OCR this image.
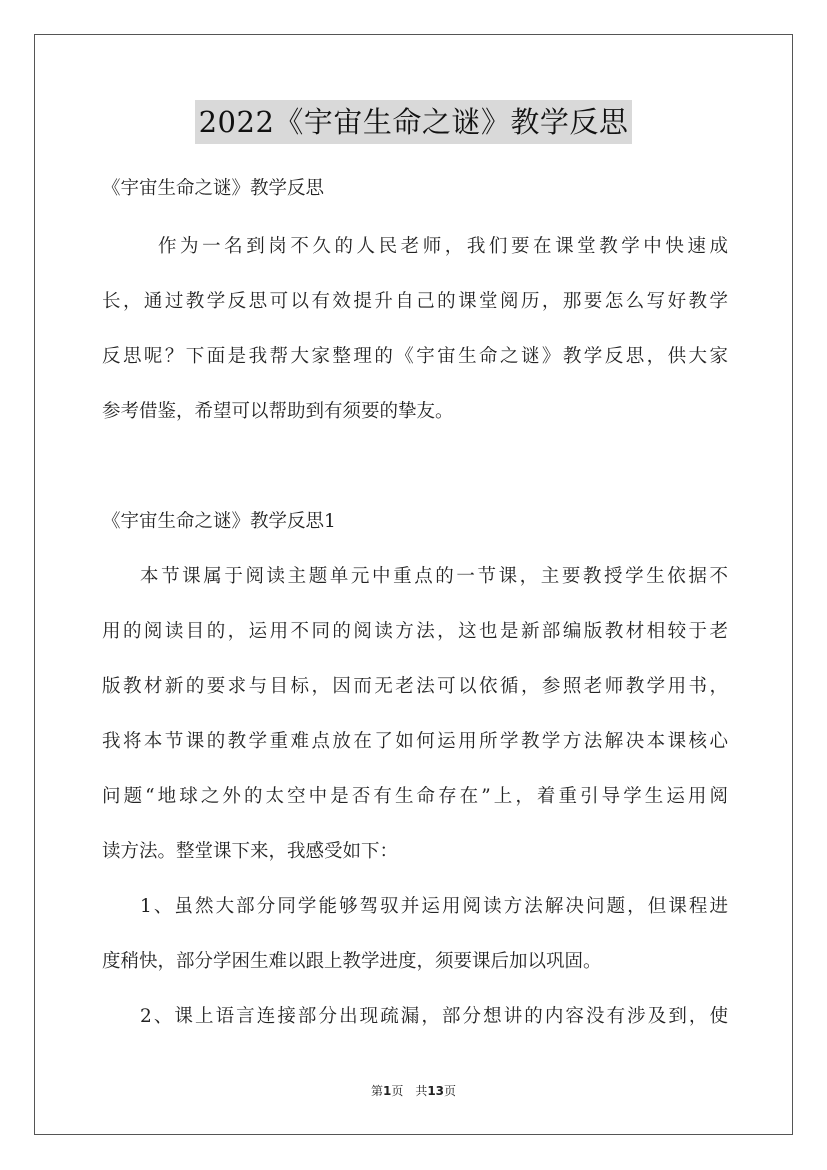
2022《宇宙生命之谜》教学反思
《宇宙生命之谜》教学反思
作为一名到岗不久的人民老师，我们要在课堂教学中快速成
长，通过教学反思可以有效提升自己的课堂阅历，那要怎么写好教学
反思呢？下面是我帮大家整理的《宇宙生命之谜》教学反思，供大家
参考借鉴，希望可以帮助到有须要的挚友。
《宇宙生命之谜》教学反思1
本节课属于阅读主题单元中重点的一节课，主要教授学生依据不
用的阅读目的，运用不同的阅读方法，这也是新部编版教材相较于老
版教材新的要求与目标，因而无老法可以依循，参照老师教学用书，
我将本节课的教学重难点放在了如何运用所学教学方法解决本课核心
问题“地球之外的太空中是否有生命存在”上，着重引导学生运用阅
读方法。整堂课下来，我感受如下：
1、虽然大部分同学能够驾驭并运用阅读方法解决问题，但课程进
度稍快，部分学困生难以跟上教学进度，须要课后加以巩固。
2、课上语言连接部分出现疏漏，部分想讲的内容没有涉及到，使
第1页　共13页
